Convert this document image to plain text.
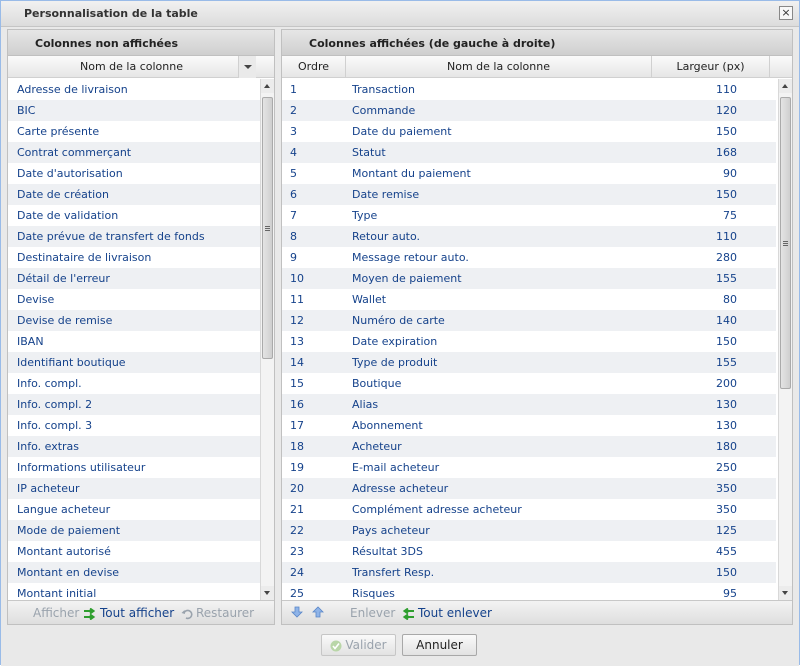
Personnalisation de la table	×
Colonnes non affichées
Nom de la colonne
Adresse de livraison
BIC
Carte présente
Contrat commerçant
Date d'autorisation
Date de création
Date de validation
Date prévue de transfert de fonds
Destinataire de livraison
Détail de l'erreur
Devise
Devise de remise
IBAN
Identifiant boutique
Info. compl.
Info. compl. 2
Info. compl. 3
Info. extras
Informations utilisateur
IP acheteur
Langue acheteur
Mode de paiement
Montant autorisé
Montant en devise
Montant initial
Afficher	Tout afficher	Restaurer
Colonnes affichées (de gauche à droite)
Ordre	Nom de la colonne	Largeur (px)
1	Transaction	110
2	Commande	120
3	Date du paiement	150
4	Statut	168
5	Montant du paiement	90
6	Date remise	150
7	Type	75
8	Retour auto.	110
9	Message retour auto.	280
10	Moyen de paiement	155
11	Wallet	80
12	Numéro de carte	140
13	Date expiration	150
14	Type de produit	155
15	Boutique	200
16	Alias	130
17	Abonnement	130
18	Acheteur	180
19	E-mail acheteur	250
20	Adresse acheteur	350
21	Complément adresse acheteur	350
22	Pays acheteur	125
23	Résultat 3DS	455
24	Transfert Resp.	150
25	Risques	95
Enlever	Tout enlever
Valider	Annuler
